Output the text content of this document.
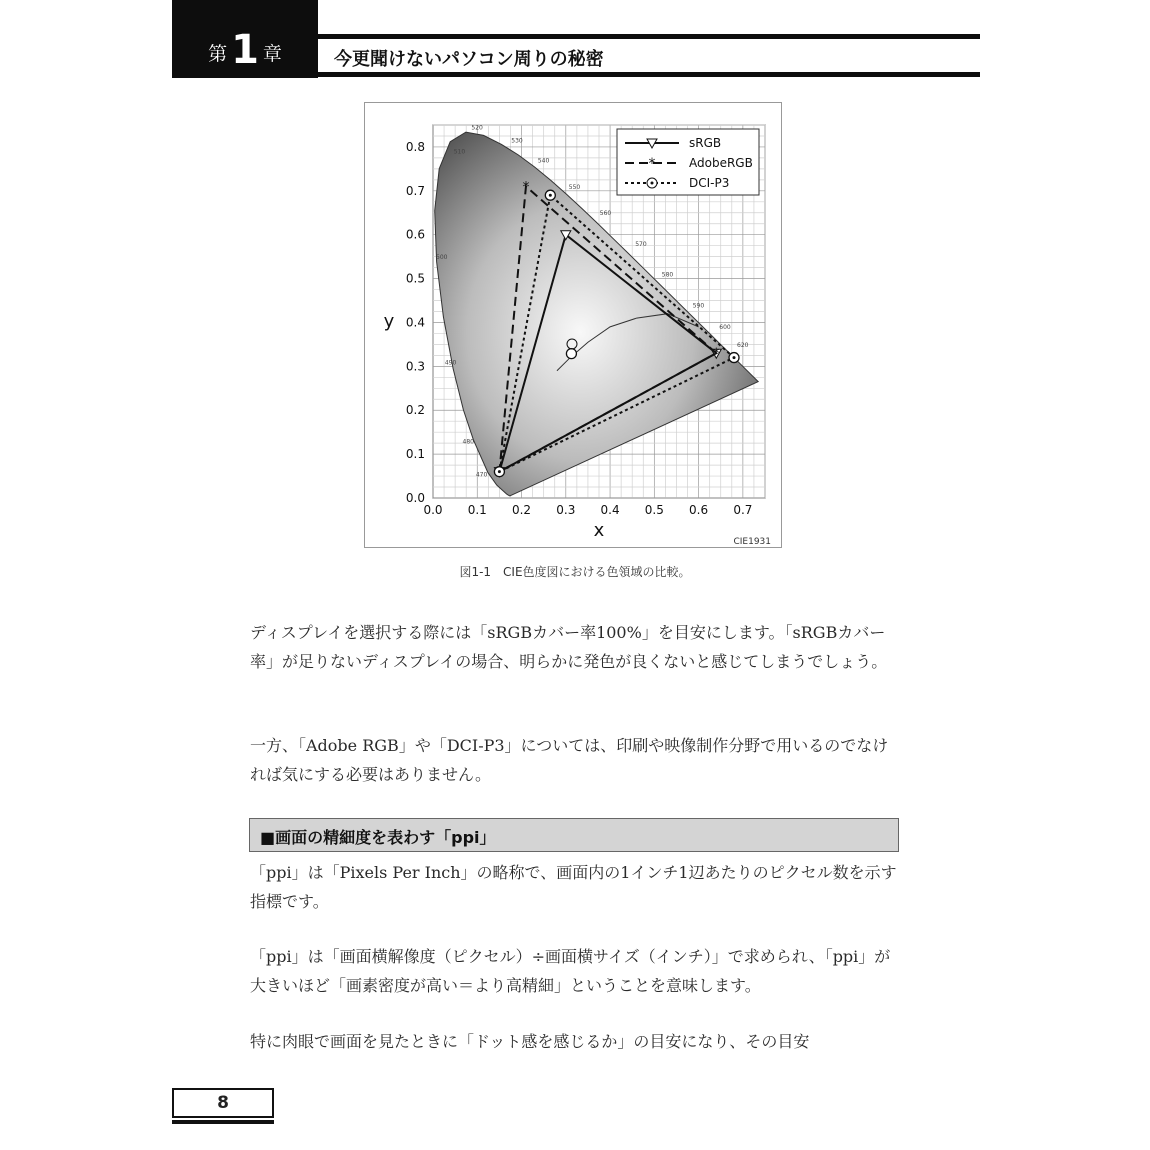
第 1 章	今更聞けないパソコン周りの秘密
520
530
540
550
560
570
580
590
600
620
510
500
490
480
470
*
*
0.0 0.1 0.2 0.3 0.4 0.5 0.6 0.7
0.0
0.1
0.2
0.3
0.4
0.5
0.6
0.7
0.8
x
y
CIE1931
sRGB
*	AdobeRGB
DCI-P3
図1-1　CIE色度図における色領域の比較。

ディスプレイを選択する際には「sRGBカバー率100%」を目安にします。「sRGBカバー率」が足りないディスプレイの場合、明らかに発色が良くないと感じてしまうでしょう。

一方、「Adobe RGB」や「DCI-P3」については、印刷や映像制作分野で用いるのでなければ気にする必要はありません。

■画面の精細度を表わす「ppi」

「ppi」は「Pixels Per Inch」の略称で、画面内の1インチ1辺あたりのピクセル数を示す指標です。

「ppi」は「画面横解像度（ピクセル）÷画面横サイズ（インチ）」で求められ、「ppi」が大きいほど「画素密度が高い＝より高精細」ということを意味します。

特に肉眼で画面を見たときに「ドット感を感じるか」の目安になり、その目安

8
